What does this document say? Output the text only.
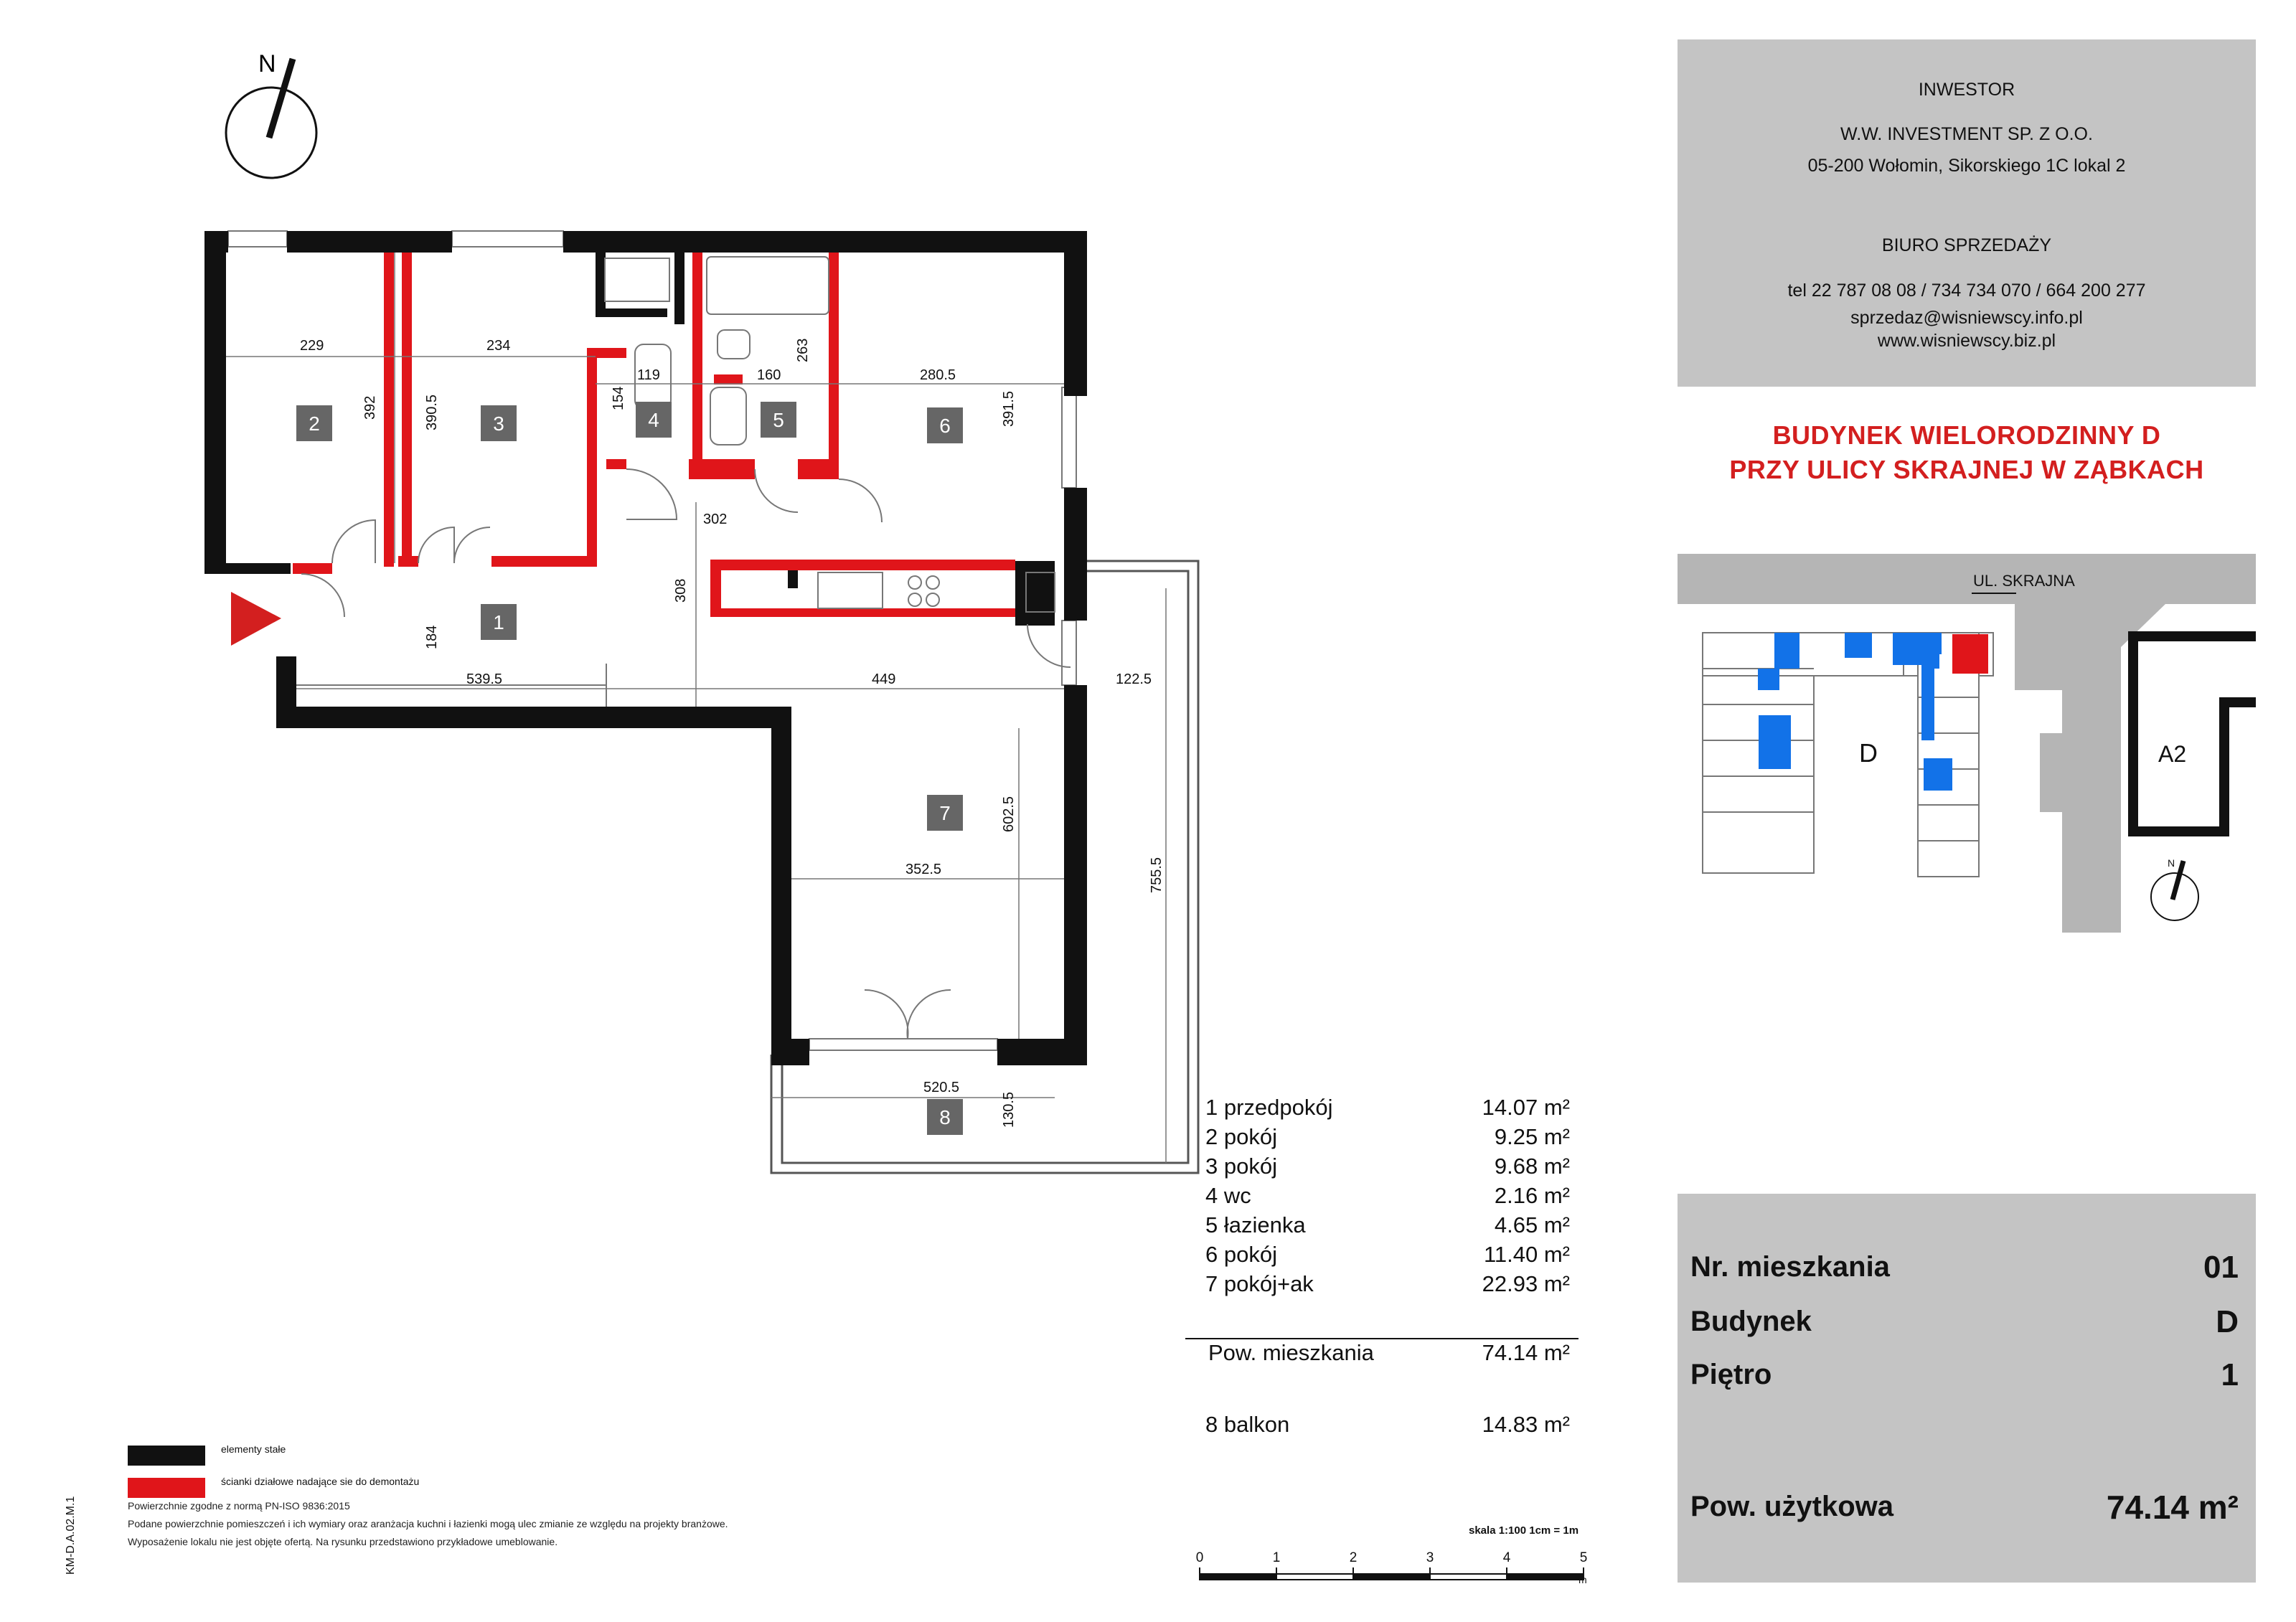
N
1
2	3	4	5	6
7
8
229	234
119	160	280.5
302
539.5	449	122.5
352.5
520.5
392	390.5	154
263
391.5
308
184
602.5
755.5
130.5
0	1	2	3	4	5
m
skala 1:100 1cm = 1m
KM-D.A.02.M.1
1 przedpokój	14.07 m²
2 pokój	9.25 m²
3 pokój	9.68 m²
4 wc	2.16 m²
5 łazienka	4.65 m²
6 pokój	11.40 m²
7 pokój+ak	22.93 m²
Pow. mieszkania	74.14 m²
8 balkon	14.83 m²
elementy stałe
ścianki działowe nadające sie do demontażu
Powierzchnie zgodne z normą PN-ISO 9836:2015
Podane powierzchnie pomieszczeń i ich wymiary oraz aranżacja kuchni i łazienki mogą ulec zmianie ze względu na projekty branżowe.
Wyposażenie lokalu nie jest objęte ofertą. Na rysunku przedstawiono przykładowe umeblowanie.
INWESTOR
W.W. INVESTMENT SP. Z O.O.
05-200 Wołomin, Sikorskiego 1C lokal 2
BIURO SPRZEDAŻY
tel 22 787 08 08 / 734 734 070 / 664 200 277
sprzedaz@wisniewscy.info.pl
www.wisniewscy.biz.pl
BUDYNEK WIELORODZINNY D
PRZY ULICY SKRAJNEJ W ZĄBKACH
UL. SKRAJNA
D	A2
N
Nr. mieszkania	01
Budynek	D
Piętro	1
Pow. użytkowa	74.14 m²
